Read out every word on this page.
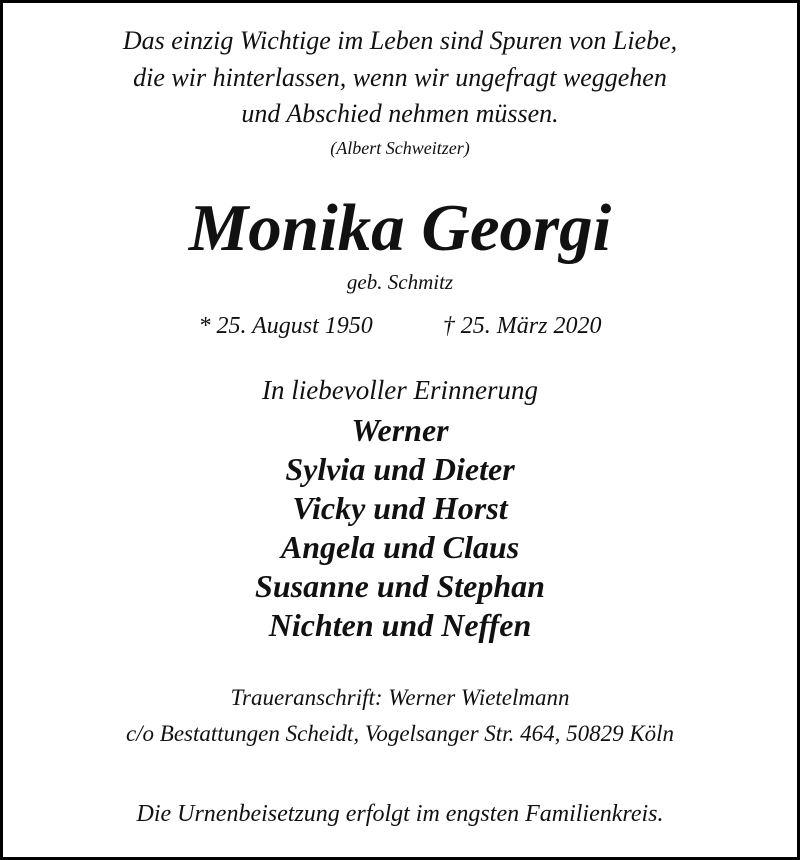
Das einzig Wichtige im Leben sind Spuren von Liebe,
die wir hinterlassen, wenn wir ungefragt weggehen
und Abschied nehmen müssen.
(Albert Schweitzer)
Monika Georgi
geb. Schmitz
* 25. August 1950	† 25. März 2020
In liebevoller Erinnerung
Werner
Sylvia und Dieter
Vicky und Horst
Angela und Claus
Susanne und Stephan
Nichten und Neffen
Traueranschrift: Werner Wietelmann
c/o Bestattungen Scheidt, Vogelsanger Str. 464, 50829 Köln
Die Urnenbeisetzung erfolgt im engsten Familienkreis.
